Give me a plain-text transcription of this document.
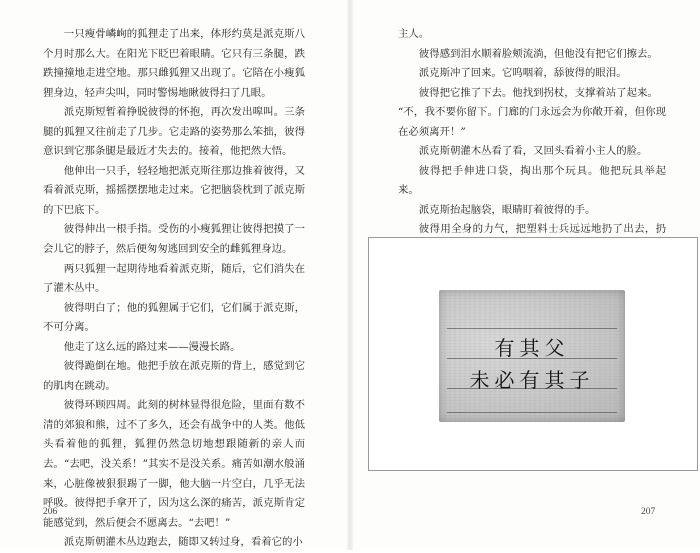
一只瘦骨嶙峋的狐狸走了出来，体形约莫是派克斯八个月时那么大。在阳光下眨巴着眼睛。它只有三条腿，跌跌撞撞地走进空地。那只雌狐狸又出现了。它陪在小瘦狐狸身边，轻声尖叫，同时警惕地瞅彼得扫了几眼。

派克斯短暂着挣脱彼得的怀抱，再次发出嗥叫。三条腿的狐狸又往前走了几步。它走路的姿势那么笨拙，彼得意识到它那条腿是最近才失去的。接着，他把然大悟。

他伸出一只手，轻轻地把派克斯往那边推着彼得，又看着派克斯，摇摇摆摆地走过来。它把脑袋枕到了派克斯的下巴底下。

彼得伸出一根手指。受伤的小瘦狐狸让彼得把摸了一会儿它的脖子，然后便匆匆逃回到安全的雌狐狸身边。

两只狐狸一起期待地看着派克斯，随后，它们消失在了灌木丛中。

彼得明白了；他的狐狸属于它们，它们属于派克斯，不可分离。

他走了这么远的路过来——漫漫长路。

彼得跪倒在地。他把手放在派克斯的背上，感觉到它的肌肉在跳动。

彼得环顾四周。此刻的树林显得很危险，里面有数不清的郊狼和熊，过不了多久，还会有战争中的人类。他低头看着他的狐狸，狐狸仍然急切地想跟随新的亲人而去。“去吧，没关系！”其实不是没关系。痛苦如潮水般涌来，心脏像被狠狠踢了一脚，他大脑一片空白，几乎无法呼吸。彼得把手拿开了，因为这么深的痛苦，派克斯肯定能感觉到，然后便会不愿离去。“去吧！”

派克斯朝灌木丛边跑去，随即又转过身，看着它的小

主人。

彼得感到泪水顺着脸颊流淌，但他没有把它们擦去。

派克斯冲了回来。它呜咽着，舔彼得的眼泪。

彼得把它推了下去。他找到拐杖，支撑着站了起来。

“不，我不要你留下。门廊的门永远会为你敞开着，但你现在必须离开！”

派克斯朝灌木丛看了看，又回头看着小主人的脸。

彼得把手伸进口袋，掏出那个玩具。他把玩具举起来。

派克斯抬起脑袋，眼睛盯着彼得的手。

彼得用全身的力气，把塑料士兵远远地扔了出去，扔

有其父
未必有其子
206	207
